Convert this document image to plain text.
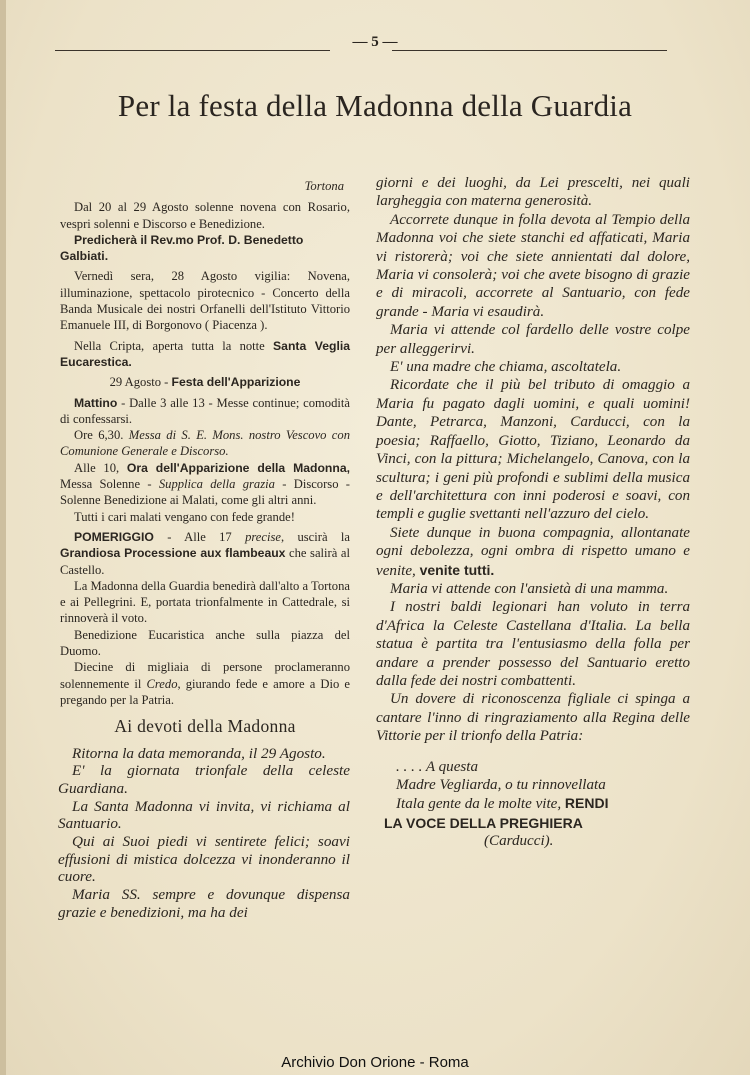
— 5 —
Per la festa della Madonna della Guardia

Tortona

Dal 20 al 29 Agosto solenne novena con Rosario, vespri solenni e Discorso e Benedizione.

Predicherà il Rev.mo Prof. D. Benedetto Galbiati.

Vernedì sera, 28 Agosto vigilia: Novena, illuminazione, spettacolo pirotecnico - Concerto della Banda Musicale dei nostri Orfanelli dell'Istituto Vittorio Emanuele III, di Borgonovo ( Piacenza ).

Nella Cripta, aperta tutta la notte Santa Veglia Eucarestica.

29 Agosto - Festa dell'Apparizione

Mattino - Dalle 3 alle 13 - Messe continue; comodità di confessarsi.

Ore 6,30. Messa di S. E. Mons. nostro Vescovo con Comunione Generale e Discorso.

Alle 10, Ora dell'Apparizione della Madonna, Messa Solenne - Supplica della grazia - Discorso - Solenne Benedizione ai Malati, come gli altri anni.

Tutti i cari malati vengano con fede grande!

POMERIGGIO - Alle 17 precise, uscirà la Grandiosa Processione aux flambeaux che salirà al Castello.

La Madonna della Guardia benedirà dall'alto a Tortona e ai Pellegrini. E, portata trionfalmente in Cattedrale, si rinnoverà il voto.

Benedizione Eucaristica anche sulla piazza del Duomo.

Diecine di migliaia di persone proclameranno solennemente il Credo, giurando fede e amore a Dio e pregando per la Patria.

Ai devoti della Madonna

Ritorna la data memoranda, il 29 Agosto.

E' la giornata trionfale della celeste Guardiana.

La Santa Madonna vi invita, vi richiama al Santuario.

Qui ai Suoi piedi vi sentirete felici; soavi effusioni di mistica dolcezza vi inonderanno il cuore.

Maria SS. sempre e dovunque dispensa grazie e benedizioni, ma ha dei

giorni e dei luoghi, da Lei prescelti, nei quali largheggia con materna generosità.

Accorrete dunque in folla devota al Tempio della Madonna voi che siete stanchi ed affaticati, Maria vi ristorerà; voi che siete annientati dal dolore, Maria vi consolerà; voi che avete bisogno di grazie e di miracoli, accorrete al Santuario, con fede grande - Maria vi esaudirà.

Maria vi attende col fardello delle vostre colpe per alleggerirvi.

E' una madre che chiama, ascoltatela.

Ricordate che il più bel tributo di omaggio a Maria fu pagato dagli uomini, e quali uomini! Dante, Petrarca, Manzoni, Carducci, con la poesia; Raffaello, Giotto, Tiziano, Leonardo da Vinci, con la pittura; Michelangelo, Canova, con la scultura; i geni più profondi e sublimi della musica e dell'architettura con inni poderosi e soavi, con templi e guglie svettanti nell'azzuro del cielo.

Siete dunque in buona compagnia, allontanate ogni debolezza, ogni ombra di rispetto umano e venite, venite tutti.

Maria vi attende con l'ansietà di una mamma.

I nostri baldi legionari han voluto in terra d'Africa la Celeste Castellana d'Italia. La bella statua è partita tra l'entusiasmo della folla per andare a prender possesso del Santuario eretto dalla fede dei nostri combattenti.

Un dovere di riconoscenza figliale ci spinga a cantare l'inno di ringraziamento alla Regina delle Vittorie per il trionfo della Patria:

. . . . A questa

Madre Vegliarda, o tu rinnovellata

Itala gente da le molte vite, RENDI

LA VOCE DELLA PREGHIERA

(Carducci).

Archivio Don Orione - Roma
